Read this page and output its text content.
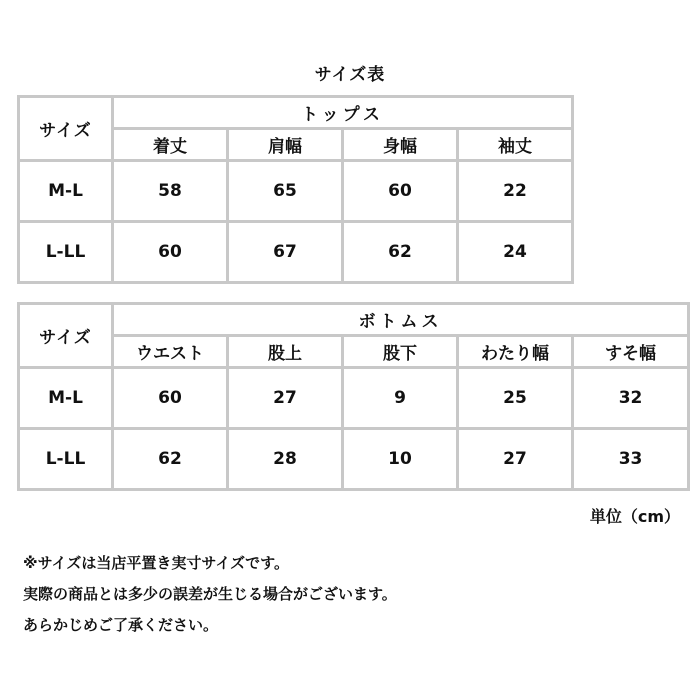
サイズ表
サイズ	トップス			
	着丈	肩幅	身幅	袖丈
M-L	58	65	60	22
L-LL	60	67	62	24
サイズ	ボトムス				
	ウエスト	股上	股下	わたり幅	すそ幅
M-L	60	27	9	25	32
L-LL	62	28	10	27	33
単位（cm）
※サイズは当店平置き実寸サイズです。
実際の商品とは多少の誤差が生じる場合がございます。
あらかじめご了承ください。
